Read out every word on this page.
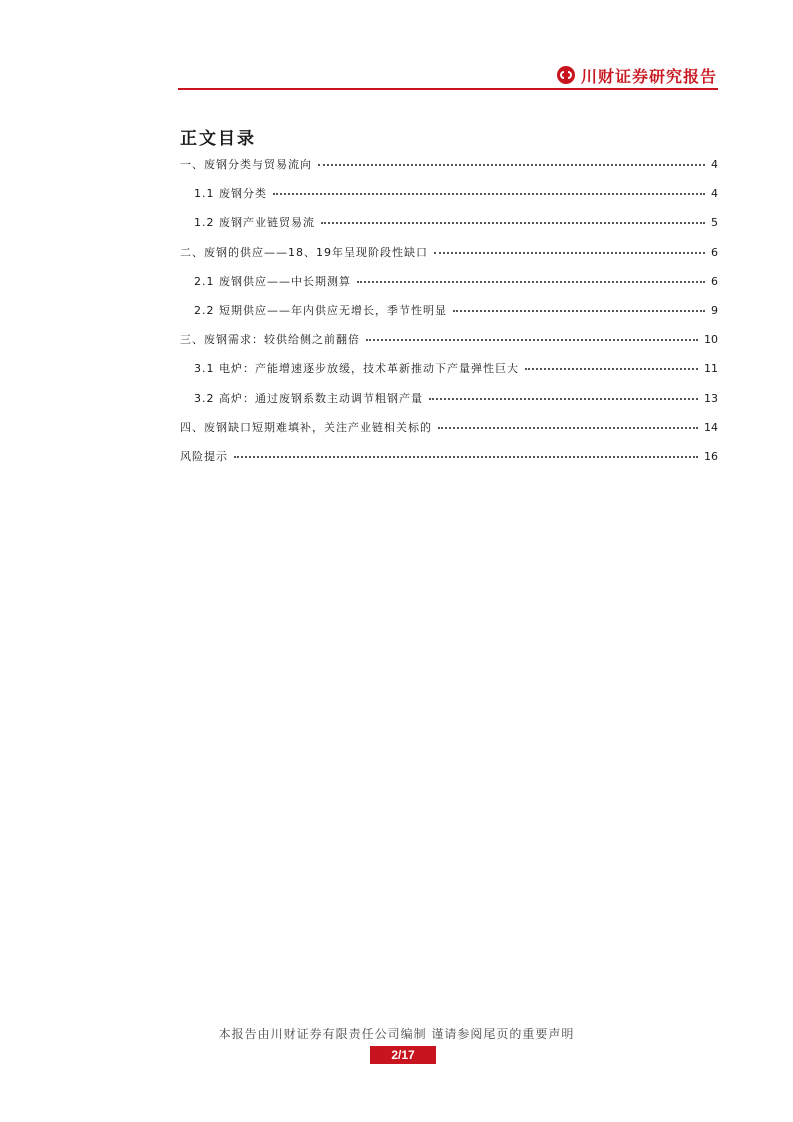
川财证券研究报告
正文目录
一、废钢分类与贸易流向	4
1.1 废钢分类	4
1.2 废钢产业链贸易流	5
二、废钢的供应——18、19年呈现阶段性缺口	6
2.1 废钢供应——中长期测算	6
2.2 短期供应——年内供应无增长，季节性明显	9
三、废钢需求：较供给侧之前翻倍	10
3.1 电炉：产能增速逐步放缓，技术革新推动下产量弹性巨大	11
3.2 高炉：通过废钢系数主动调节粗钢产量	13
四、废钢缺口短期难填补，关注产业链相关标的	14
风险提示	16
本报告由川财证券有限责任公司编制 谨请参阅尾页的重要声明
2/17
